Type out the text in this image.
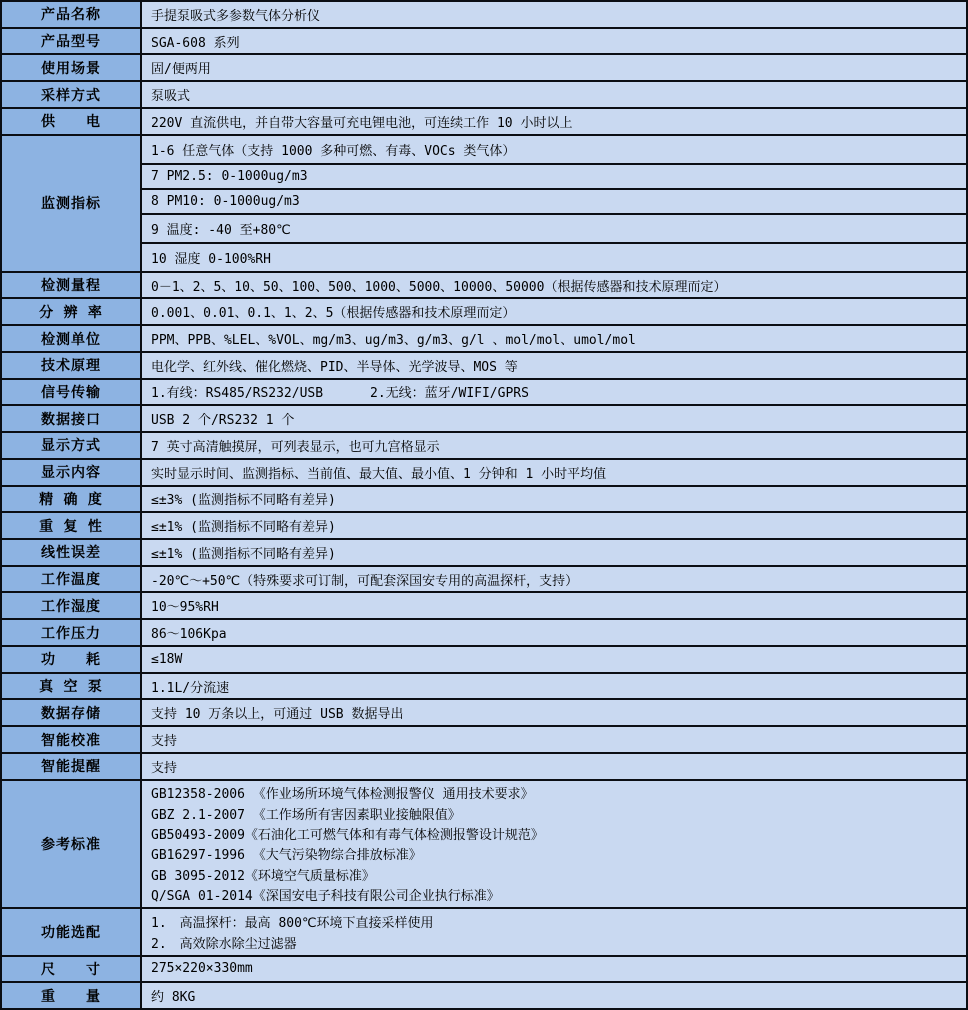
产品名称	手提泵吸式多参数气体分析仪
产品型号	SGA-608 系列
使用场景	固/便两用
采样方式	泵吸式
供　　电	220V 直流供电，并自带大容量可充电锂电池，可连续工作 10 小时以上
监测指标
1-6 任意气体（支持 1000 多种可燃、有毒、VOCs 类气体）
7 PM2.5: 0-1000ug/m3
8 PM10: 0-1000ug/m3
9 温度: -40 至+80℃
10 湿度 0-100%RH
检测量程	0－1、2、5、10、50、100、500、1000、5000、10000、50000（根据传感器和技术原理而定）
分 辨 率	0.001、0.01、0.1、1、2、5（根据传感器和技术原理而定）
检测单位	PPM、PPB、%LEL、%VOL、mg/m3、ug/m3、g/m3、g/l 、mol/mol、umol/mol
技术原理	电化学、红外线、催化燃烧、PID、半导体、光学波导、MOS 等
信号传输	1.有线：RS485/RS232/USB      2.无线：蓝牙/WIFI/GPRS
数据接口	USB 2 个/RS232 1 个
显示方式	7 英寸高清触摸屏，可列表显示，也可九宫格显示
显示内容	实时显示时间、监测指标、当前值、最大值、最小值、1 分钟和 1 小时平均值
精 确 度	≤±3% (监测指标不同略有差异)
重 复 性	≤±1% (监测指标不同略有差异)
线性误差	≤±1% (监测指标不同略有差异)
工作温度	-20℃～+50℃（特殊要求可订制，可配套深国安专用的高温探杆，支持）
工作湿度	10～95%RH
工作压力	86～106Kpa
功　　耗	≤18W
真 空 泵	1.1L/分流速
数据存储	支持 10 万条以上，可通过 USB 数据导出
智能校准	支持
智能提醒	支持
参考标准
GB12358-2006 《作业场所环境气体检测报警仪 通用技术要求》
GBZ 2.1-2007 《工作场所有害因素职业接触限值》
GB50493-2009《石油化工可燃气体和有毒气体检测报警设计规范》
GB16297-1996 《大气污染物综合排放标准》
GB 3095-2012《环境空气质量标准》
Q/SGA 01-2014《深国安电子科技有限公司企业执行标准》
功能选配
1.　高温探杆：最高 800℃环境下直接采样使用
2.　高效除水除尘过滤器
尺　　寸	275×220×330mm
重　　量	约 8KG
